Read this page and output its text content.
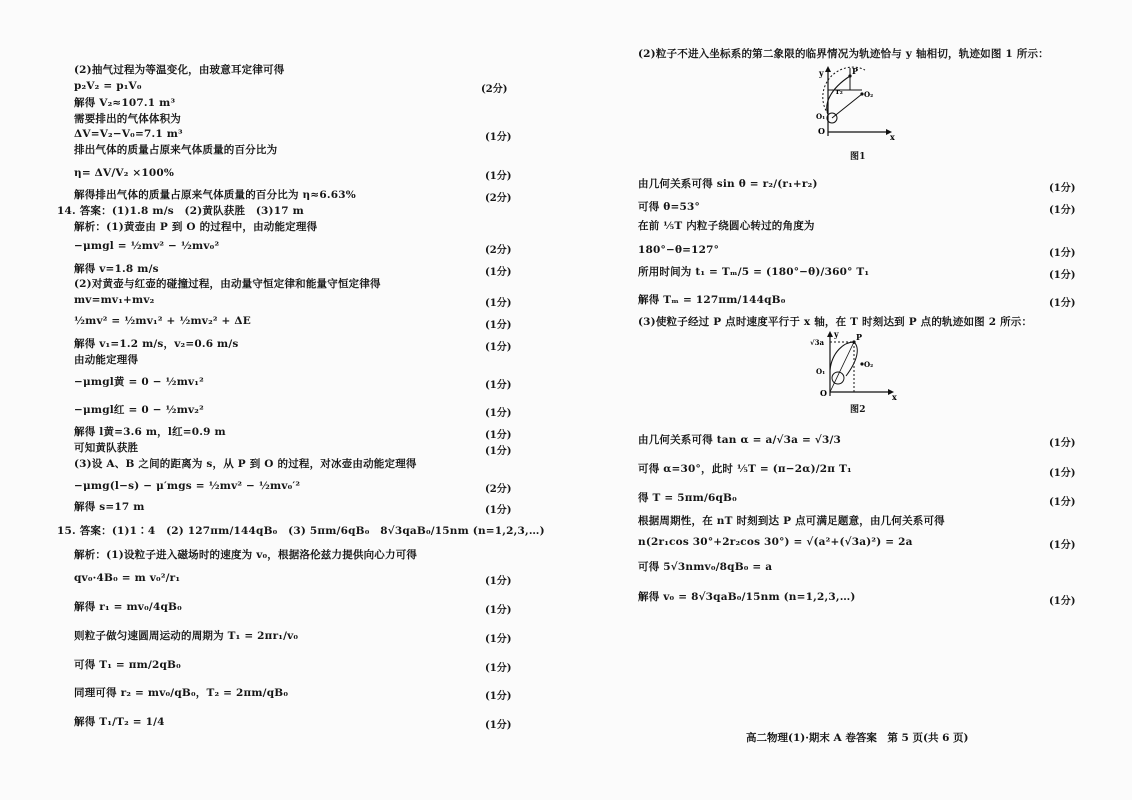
(2)抽气过程为等温变化，由玻意耳定律可得
p₂V₂ = p₁V₀	(2分)
解得 V₂≈107.1 m³
需要排出的气体体积为
ΔV=V₂−V₀=7.1 m³	(1分)
排出气体的质量占原来气体质量的百分比为
η= ΔV/V₂ ×100%	(1分)
解得排出气体的质量占原来气体质量的百分比为 η≈6.63%	(2分)
14. 答案：(1)1.8 m/s　(2)黄队获胜　(3)17 m
解析：(1)黄壶由 P 到 O 的过程中，由动能定理得
−μmgl = ½mv² − ½mv₀²	(2分)
解得 v=1.8 m/s	(1分)
(2)对黄壶与红壶的碰撞过程，由动量守恒定律和能量守恒定律得
mv=mv₁+mv₂	(1分)
½mv² = ½mv₁² + ½mv₂² + ΔE	(1分)
解得 v₁=1.2 m/s，v₂=0.6 m/s	(1分)
由动能定理得
−μmgl黄 = 0 − ½mv₁²	(1分)
−μmgl红 = 0 − ½mv₂²	(1分)
解得 l黄=3.6 m，l红=0.9 m	(1分)
可知黄队获胜	(1分)
(3)设 A、B 之间的距离为 s，从 P 到 O 的过程，对冰壶由动能定理得
−μmg(l−s) − μ′mgs = ½mv² − ½mv₀′²	(2分)
解得 s=17 m	(1分)
15. 答案：(1)1∶4　(2) 127πm/144qB₀　(3) 5πm/6qB₀　8√3qaB₀/15nm (n=1,2,3,…)
解析：(1)设粒子进入磁场时的速度为 v₀，根据洛伦兹力提供向心力可得
qv₀·4B₀ = m v₀²/r₁	(1分)
解得 r₁ = mv₀/4qB₀	(1分)
则粒子做匀速圆周运动的周期为 T₁ = 2πr₁/v₀	(1分)
可得 T₁ = πm/2qB₀	(1分)
同理可得 r₂ = mv₀/qB₀，T₂ = 2πm/qB₀	(1分)
解得 T₁/T₂ = 1/4	(1分)
(2)粒子不进入坐标系的第二象限的临界情况为轨迹恰与 y 轴相切，轨迹如图 1 所示：
y	P
O₂
r₂
O₁
O
x
图1
由几何关系可得 sin θ = r₂/(r₁+r₂)	(1分)
可得 θ=53°	(1分)
在前 ⅕T 内粒子绕圆心转过的角度为
180°−θ=127°	(1分)
所用时间为 t₁ = Tₘ/5 = (180°−θ)/360° T₁	(1分)
解得 Tₘ = 127πm/144qB₀	(1分)
(3)使粒子经过 P 点时速度平行于 x 轴，在 T 时刻达到 P 点的轨迹如图 2 所示：
√3a
y P
O₂
O₁
O	x
图2
由几何关系可得 tan α = a/√3a = √3/3	(1分)
可得 α=30°，此时 ⅕T = (π−2α)/2π T₁	(1分)
得 T = 5πm/6qB₀	(1分)
根据周期性，在 nT 时刻到达 P 点可满足题意，由几何关系可得
n(2r₁cos 30°+2r₂cos 30°) = √(a²+(√3a)²) = 2a	(1分)
可得 5√3nmv₀/8qB₀ = a
解得 v₀ = 8√3qaB₀/15nm (n=1,2,3,…)	(1分)
高二物理(1)·期末 A 卷答案　第 5 页(共 6 页)
